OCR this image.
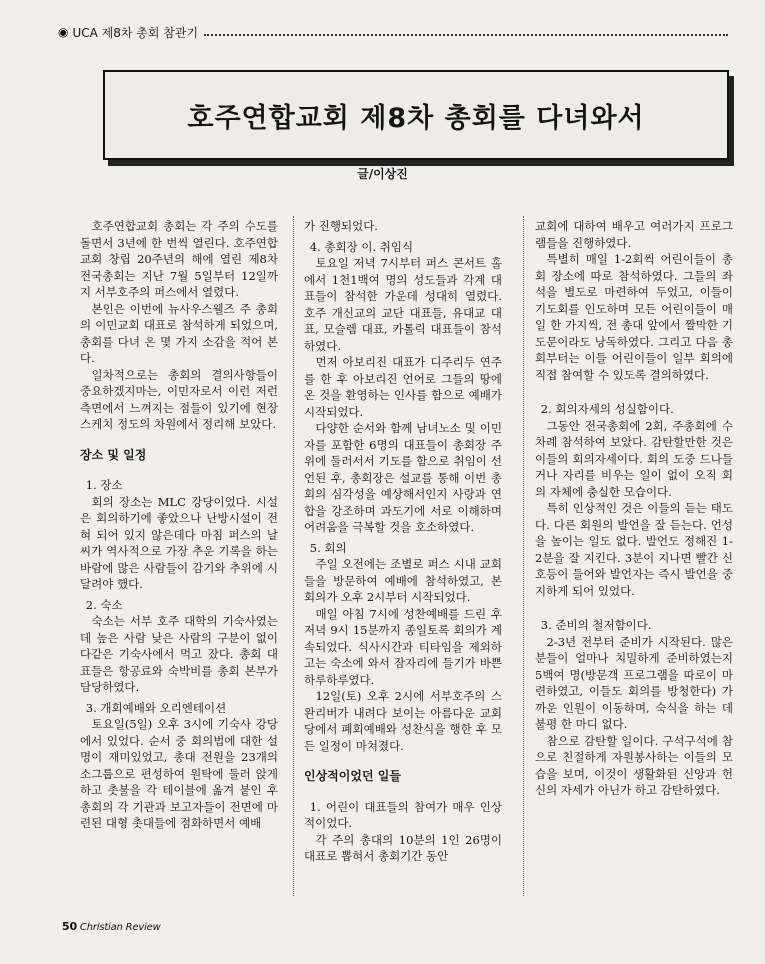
◉ UCA 제8차 총회 참관기
호주연합교회 제8차 총회를 다녀와서
글/이상진

호주연합교회 총회는 각 주의 수도를 돌면서 3년에 한 번씩 열린다. 호주연합교회 창립 20주년의 해에 열린 제8차 전국총회는 지난 7월 5일부터 12일까지 서부호주의 퍼스에서 열렸다.

본인은 이번에 뉴사우스웰즈 주 총회의 이민교회 대표로 참석하게 되었으며, 총회를 다녀 온 몇 가지 소감을 적어 본다.

일차적으로는 총회의 결의사항들이 중요하겠지마는, 이민자로서 이런 저런 측면에서 느껴지는 점들이 있기에 현장 스케치 정도의 차원에서 정리해 보았다.

장소 및 일정

1. 장소

회의 장소는 MLC 강당이었다. 시설은 회의하기에 좋았으나 난방시설이 전혀 되어 있지 않은데다 마침 퍼스의 날씨가 역사적으로 가장 추운 기록을 하는 바람에 많은 사람들이 감기와 추위에 시달려야 했다.

2. 숙소

숙소는 서부 호주 대학의 기숙사였는데 높은 사람 낮은 사람의 구분이 없이 다같은 기숙사에서 먹고 잤다. 총회 대표들은 항공료와 숙박비를 총회 본부가 담당하였다.

3. 개회예배와 오리엔테이션

토요일(5일) 오후 3시에 기숙사 강당에서 있었다. 순서 중 회의법에 대한 설명이 재미있었고, 총대 전원을 23개의 소그룹으로 편성하여 원탁에 둘러 앉게 하고 촛불을 각 테이블에 옮겨 붙인 후 총회의 각 기관과 보고자들이 전면에 마련된 대형 촛대들에 점화하면서 예배

가 진행되었다.

4. 총회장 이. 취임식

토요일 저녁 7시부터 퍼스 콘서트 홀에서 1천1백여 명의 성도들과 각계 대표들이 참석한 가운데 성대히 열렸다. 호주 개신교의 교단 대표들, 유대교 대표, 모슬렘 대표, 카톨릭 대표들이 참석하였다.

먼저 아보리진 대표가 디주리두 연주를 한 후 아보리진 언어로 그들의 땅에 온 것을 환영하는 인사를 함으로 예배가 시작되었다.

다양한 순서와 함께 남녀노소 및 이민자를 포함한 6명의 대표들이 총회장 주위에 둘러서서 기도를 함으로 취임이 선언된 후, 총회장은 설교를 통해 이번 총회의 심각성을 예상해서인지 사랑과 연합을 강조하며 과도기에 서로 이해하며 어려움을 극복할 것을 호소하였다.

5. 회의

주일 오전에는 조별로 퍼스 시내 교회들을 방문하여 예배에 참석하였고, 본 회의가 오후 2시부터 시작되었다.

매일 아침 7시에 성찬예배를 드린 후 저녁 9시 15분까지 종일토록 회의가 계속되었다. 식사시간과 티타임을 제외하고는 숙소에 와서 잠자리에 들기가 바쁜 하루하루였다.

12일(토) 오후 2시에 서부호주의 스완리버가 내려다 보이는 아름다운 교회당에서 폐회예배와 성찬식을 행한 후 모든 일정이 마쳐졌다.

인상적이었던 일들

1. 어린이 대표들의 참여가 매우 인상적이었다.

각 주의 총대의 10분의 1인 26명이 대표로 뽑혀서 총회기간 동안

교회에 대하여 배우고 여러가지 프로그램들을 진행하였다.

특별히 매일 1-2회씩 어린이들이 총회 장소에 따로 참석하였다. 그들의 좌석을 별도로 마련하여 두었고, 이들이 기도회를 인도하며 모든 어린이들이 매일 한 가지씩, 전 총대 앞에서 짤막한 기도문이라도 낭독하였다. 그리고 다음 총회부터는 이들 어린이들이 일부 회의에 직접 참여할 수 있도록 결의하였다.

2. 회의자세의 성실함이다.

그동안 전국총회에 2회, 주총회에 수 차례 참석하여 보았다. 감탄할만한 것은 이들의 회의자세이다. 회의 도중 드나들거나 자리를 비우는 일이 없이 오직 회의 자체에 충실한 모습이다.

특히 인상적인 것은 이들의 듣는 태도다. 다른 회원의 발언을 잘 듣는다. 언성을 높이는 일도 없다. 발언도 정해진 1-2분을 잘 지킨다. 3분이 지나면 빨간 신호등이 들어와 발언자는 즉시 발언을 중지하게 되어 있었다.

3. 준비의 철저함이다.

2-3년 전부터 준비가 시작된다. 많은 분들이 얼마나 치밀하게 준비하였는지 5백여 명(방문객 프로그램을 따로이 마련하였고, 이들도 회의를 방청한다) 가까운 인원이 이동하며, 숙식을 하는 데 불평 한 마디 없다.

참으로 감탄할 일이다. 구석구석에 참으로 친절하게 자원봉사하는 이들의 모습을 보며, 이것이 생활화된 신앙과 헌신의 자세가 아닌가 하고 감탄하였다.

50 Christian Review
